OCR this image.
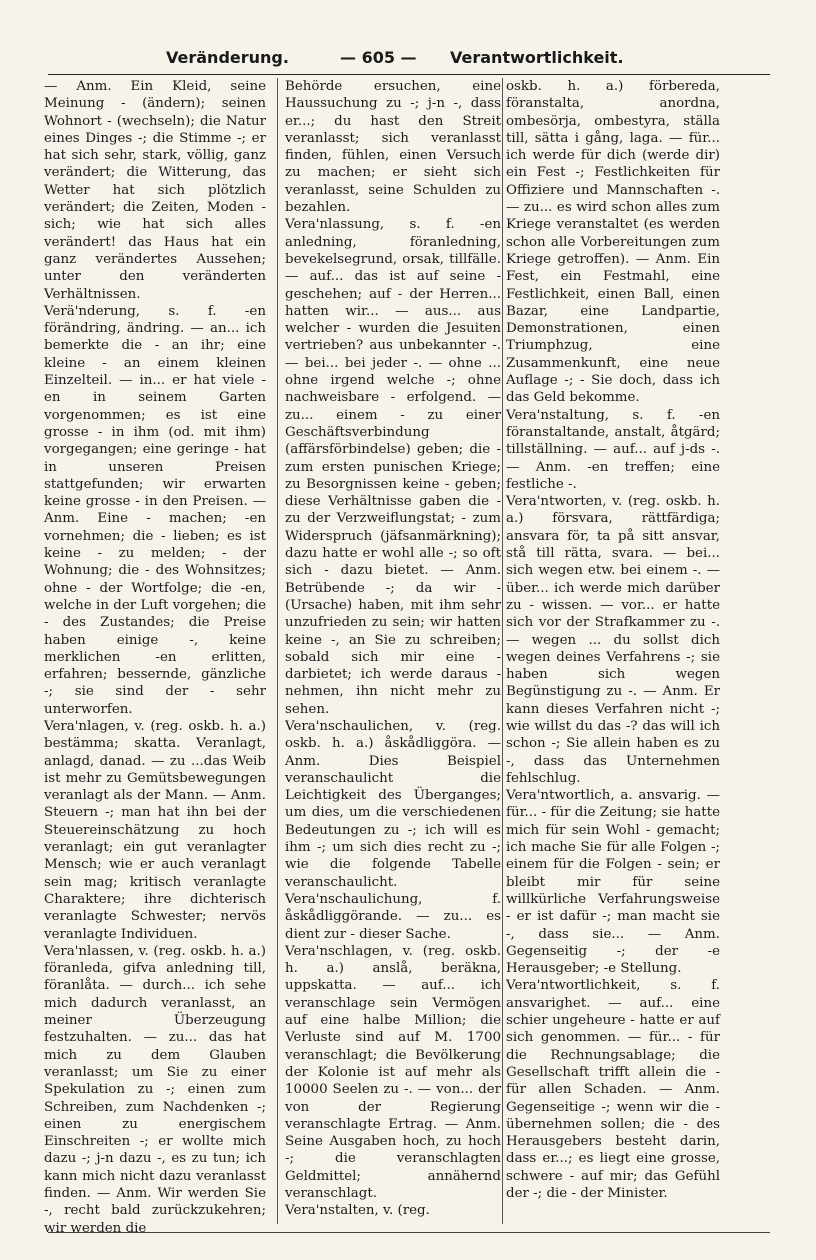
Veränderung.	— 605 — Verantwortlichkeit.

— Anm. Ein Kleid, seine Meinung - (ändern); seinen Wohnort - (wechseln); die Natur eines Dinges -; die Stimme -; er hat sich sehr, stark, völlig, ganz verändert; die Witterung, das Wetter hat sich plötzlich verändert; die Zeiten, Moden - sich; wie hat sich alles verändert! das Haus hat ein ganz verändertes Aussehen; unter den veränderten Verhältnissen.

Verä'nderung, s. f. -en förändring, ändring. — an... ich bemerkte die - an ihr; eine kleine - an einem kleinen Einzelteil. — in... er hat viele -en in seinem Garten vorgenommen; es ist eine grosse - in ihm (od. mit ihm) vorgegangen; eine geringe - hat in unseren Preisen stattgefunden; wir erwarten keine grosse - in den Preisen. — Anm. Eine - machen; -en vornehmen; die - lieben; es ist keine - zu melden; - der Wohnung; die - des Wohnsitzes; ohne - der Wortfolge; die -en, welche in der Luft vorgehen; die - des Zustandes; die Preise haben einige -, keine merklichen -en erlitten, erfahren; bessernde, gänzliche -; sie sind der - sehr unterworfen.

Vera'nlagen, v. (reg. oskb. h. a.) bestämma; skatta. Veranlagt, anlagd, danad. — zu ...das Weib ist mehr zu Gemütsbewegungen veranlagt als der Mann. — Anm. Steuern -; man hat ihn bei der Steuereinschätzung zu hoch veranlagt; ein gut veranlagter Mensch; wie er auch veranlagt sein mag; kritisch veranlagte Charaktere; ihre dichterisch veranlagte Schwester; nervös veranlagte Individuen.

Vera'nlassen, v. (reg. oskb. h. a.) föranleda, gifva anledning till, föranlåta. — durch... ich sehe mich dadurch veranlasst, an meiner Überzeugung festzuhalten. — zu... das hat mich zu dem Glauben veranlasst; um Sie zu einer Spekulation zu -; einen zum Schreiben, zum Nachdenken -; einen zu energischem Einschreiten -; er wollte mich dazu -; j-n dazu -, es zu tun; ich kann mich nicht dazu veranlasst finden. — Anm. Wir werden Sie -, recht bald zurückzukehren; wir werden die

Behörde ersuchen, eine Haussuchung zu -; j-n -, dass er...; du hast den Streit veranlasst; sich veranlasst finden, fühlen, einen Versuch zu machen; er sieht sich veranlasst, seine Schulden zu bezahlen.

Vera'nlassung, s. f. -en anledning, föranledning, bevekelsegrund, orsak, tillfälle. — auf... das ist auf seine - geschehen; auf - der Herren... hatten wir... — aus... aus welcher - wurden die Jesuiten vertrieben? aus unbekannter -. — bei... bei jeder -. — ohne ... ohne irgend welche -; ohne nachweisbare - erfolgend. — zu... einem - zu einer Geschäftsverbindung (affärsförbindelse) geben; die - zum ersten punischen Kriege; zu Besorgnissen keine - geben; diese Verhältnisse gaben die - zu der Verzweiflungstat; - zum Widerspruch (jäfsanmärkning); dazu hatte er wohl alle -; so oft sich - dazu bietet. — Anm. Betrübende -; da wir - (Ursache) haben, mit ihm sehr unzufrieden zu sein; wir hatten keine -, an Sie zu schreiben; sobald sich mir eine - darbietet; ich werde daraus - nehmen, ihn nicht mehr zu sehen.

Vera'nschaulichen, v. (reg. oskb. h. a.) åskådliggöra. — Anm. Dies Beispiel veranschaulicht die Leichtigkeit des Überganges; um dies, um die verschiedenen Bedeutungen zu -; ich will es ihm -; um sich dies recht zu -; wie die folgende Tabelle veranschaulicht.

Vera'nschaulichung, f. åskådliggörande. — zu... es dient zur - dieser Sache.

Vera'nschlagen, v. (reg. oskb. h. a.) anslå, beräkna, uppskatta. — auf... ich veranschlage sein Vermögen auf eine halbe Million; die Verluste sind auf M. 1700 veranschlagt; die Bevölkerung der Kolonie ist auf mehr als 10000 Seelen zu -. — von... der von der Regierung veranschlagte Ertrag. — Anm. Seine Ausgaben hoch, zu hoch -; die veranschlagten Geldmittel; annähernd veranschlagt.

Vera'nstalten, v. (reg.

oskb. h. a.) förbereda, föranstalta, anordna, ombesörja, ombestyra, ställa till, sätta i gång, laga. — für... ich werde für dich (werde dir) ein Fest -; Festlichkeiten für Offiziere und Mannschaften -. — zu... es wird schon alles zum Kriege veranstaltet (es werden schon alle Vorbereitungen zum Kriege getroffen). — Anm. Ein Fest, ein Festmahl, eine Festlichkeit, einen Ball, einen Bazar, eine Landpartie, Demonstrationen, einen Triumphzug, eine Zusammenkunft, eine neue Auflage -; - Sie doch, dass ich das Geld bekomme.

Vera'nstaltung, s. f. -en föranstaltande, anstalt, åtgärd; tillställning. — auf... auf j-ds -. — Anm. -en treffen; eine festliche -.

Vera'ntworten, v. (reg. oskb. h. a.) försvara, rättfärdiga; ansvara för, ta på sitt ansvar, stå till rätta, svara. — bei... sich wegen etw. bei einem -. — über... ich werde mich darüber zu - wissen. — vor... er hatte sich vor der Strafkammer zu -. — wegen ... du sollst dich wegen deines Verfahrens -; sie haben sich wegen Begünstigung zu -. — Anm. Er kann dieses Verfahren nicht -; wie willst du das -? das will ich schon -; Sie allein haben es zu -, dass das Unternehmen fehlschlug.

Vera'ntwortlich, a. ansvarig. — für... - für die Zeitung; sie hatte mich für sein Wohl - gemacht; ich mache Sie für alle Folgen -; einem für die Folgen - sein; er bleibt mir für seine willkürliche Verfahrungsweise - er ist dafür -; man macht sie -, dass sie... — Anm. Gegenseitig -; der -e Herausgeber; -e Stellung.

Vera'ntwortlichkeit, s. f. ansvarighet. — auf... eine schier ungeheure - hatte er auf sich genommen. — für... - für die Rechnungsablage; die Gesellschaft trifft allein die - für allen Schaden. — Anm. Gegenseitige -; wenn wir die - übernehmen sollen; die - des Herausgebers besteht darin, dass er...; es liegt eine grosse, schwere - auf mir; das Gefühl der -; die - der Minister.
